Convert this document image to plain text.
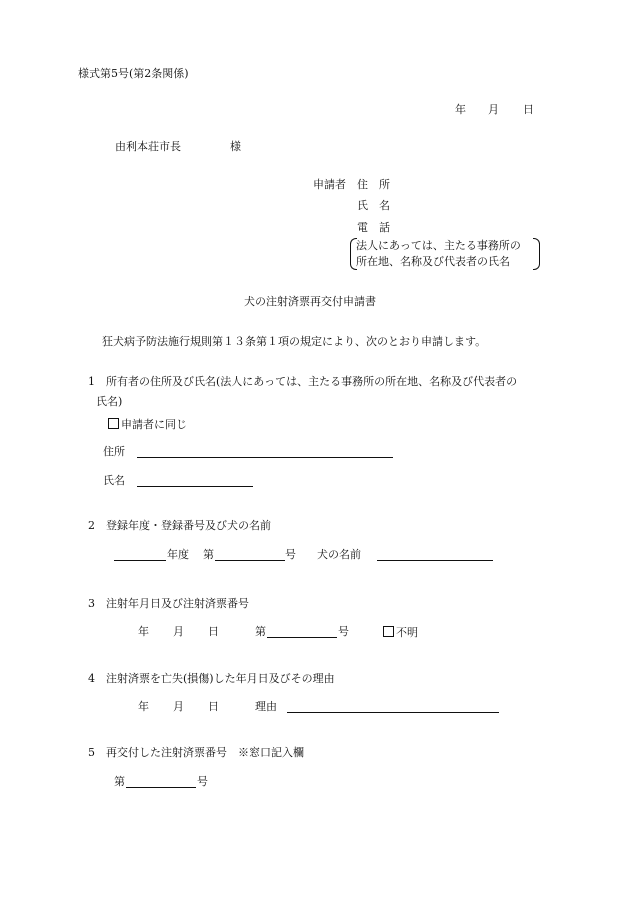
様式第5号(第2条関係)
年 月 日
由利本荘市長	様
申請者 住　所
氏　名
電　話
法人にあっては、主たる事務所の
所在地、名称及び代表者の氏名
犬の注射済票再交付申請書
狂犬病予防法施行規則第１３条第１項の規定により、次のとおり申請します。
1　所有者の住所及び氏名(法人にあっては、主たる事務所の所在地、名称及び代表者の
氏名)
申請者に同じ
住所
氏名
2　登録年度・登録番号及び犬の名前
年度 第	号 犬の名前
3　注射年月日及び注射済票番号
年 月 日	第	号	不明
4　注射済票を亡失(損傷)した年月日及びその理由
年 月 日	理由
5　再交付した注射済票番号　※窓口記入欄
第	号
